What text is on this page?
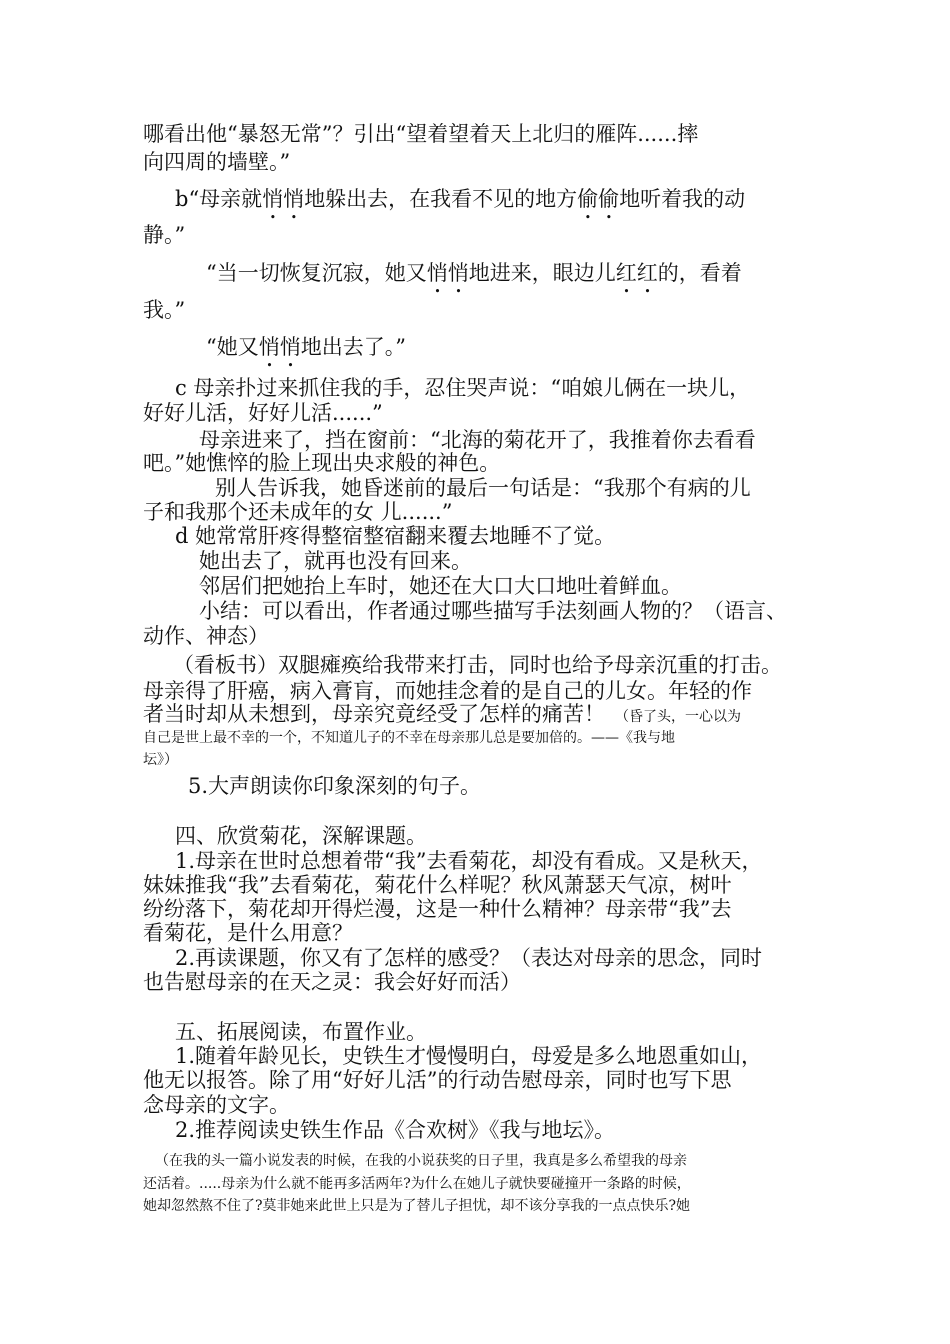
哪看出他“暴怒无常”？引出“望着望着天上北归的雁阵......摔
向四周的墙壁。”
b“母亲就悄悄地躲出去，在我看不见的地方偷偷地听着我的动
静。”
“当一切恢复沉寂，她又悄悄地进来，眼边儿红红的，看着
我。”
“她又悄悄地出去了。”
c 母亲扑过来抓住我的手，忍住哭声说：“咱娘儿俩在一块儿，
好好儿活，好好儿活......”
母亲进来了，挡在窗前：“北海的菊花开了，我推着你去看看
吧。”她憔悴的脸上现出央求般的神色。
别人告诉我，她昏迷前的最后一句话是：“我那个有病的儿
子和我那个还未成年的女 儿......”
d 她常常肝疼得整宿整宿翻来覆去地睡不了觉。
她出去了，就再也没有回来。
邻居们把她抬上车时，她还在大口大口地吐着鲜血。
小结：可以看出，作者通过哪些描写手法刻画人物的？（语言、
动作、神态）
（看板书）双腿瘫痪给我带来打击，同时也给予母亲沉重的打击。
母亲得了肝癌，病入膏肓，而她挂念着的是自己的儿女。年轻的作
者当时却从未想到，母亲究竟经受了怎样的痛苦！ （昏了头，一心以为
自己是世上最不幸的一个，不知道儿子的不幸在母亲那儿总是要加倍的。——《我与地
坛》）
5.大声朗读你印象深刻的句子。
四、欣赏菊花，深解课题。
1.母亲在世时总想着带“我”去看菊花，却没有看成。又是秋天，
妹妹推我“我”去看菊花，菊花什么样呢？秋风萧瑟天气凉，树叶
纷纷落下，菊花却开得烂漫，这是一种什么精神？母亲带“我”去
看菊花，是什么用意？
2.再读课题，你又有了怎样的感受？（表达对母亲的思念，同时
也告慰母亲的在天之灵：我会好好而活）
五、拓展阅读，布置作业。
1.随着年龄见长，史铁生才慢慢明白，母爱是多么地恩重如山，
他无以报答。除了用“好好儿活”的行动告慰母亲，同时也写下思
念母亲的文字。
2.推荐阅读史铁生作品《合欢树》《我与地坛》。
（在我的头一篇小说发表的时候，在我的小说获奖的日子里，我真是多么希望我的母亲
还活着。.....母亲为什么就不能再多活两年?为什么在她儿子就快要碰撞开一条路的时候，
她却忽然熬不住了?莫非她来此世上只是为了替儿子担忧，却不该分享我的一点点快乐?她
